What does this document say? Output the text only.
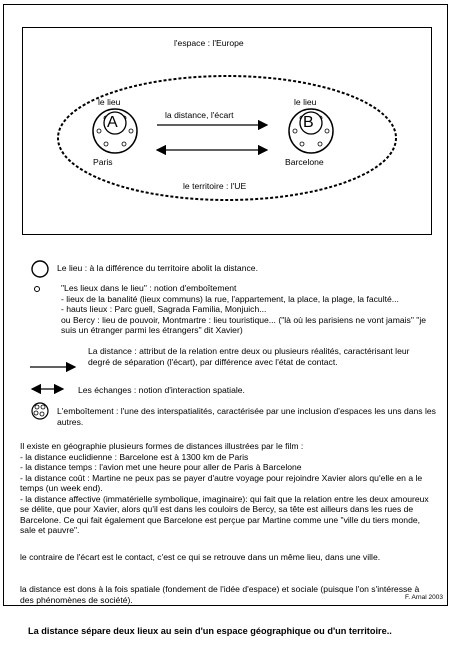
l'espace : l'Europe
le lieu	le lieu
A	B
Paris	Barcelone
la distance, l'écart
le territoire : l'UE
Le lieu : à la différence du territoire abolit la distance.
"Les lieux dans le lieu" : notion d'emboîtement
- lieux de la banalité (lieux communs) la rue, l'appartement, la place, la plage, la faculté...
- hauts lieux : Parc guell, Sagrada Familia, Monjuich...
ou Bercy : lieu de pouvoir, Montmartre : lieu touristique... ("là où les parisiens ne vont jamais" "je suis un étranger parmi les étrangers" dit Xavier)
La distance : attribut de la relation entre deux ou plusieurs réalités, caractérisant leur degré de séparation (l'écart), par différence avec l'état de contact.
Les échanges : notion d'interaction spatiale.
L'emboîtement : l'une des interspatialités, caractérisée par une inclusion d'espaces les uns dans les autres.
Il existe en géographie plusieurs formes de distances illustrées par le film :
- la distance euclidienne : Barcelone est à 1300 km de Paris
- la distance temps : l'avion met une heure pour aller de Paris à Barcelone
- la distance coût : Martine ne peux pas se payer d'autre voyage pour rejoindre Xavier alors qu'elle en a le temps (un week end).
- la distance affective (immatérielle symbolique, imaginaire): qui fait que la relation entre les deux amoureux se délite, que pour Xavier, alors qu'il est dans les couloirs de Bercy, sa tête est ailleurs dans les rues de Barcelone. Ce qui fait également que Barcelone est perçue par Martine comme une "ville du tiers monde, sale et pauvre".
le contraire de l'écart est le contact, c'est ce qui se retrouve dans un même lieu, dans une ville.
la distance est dons à la fois spatiale (fondement de l'idée d'espace) et sociale (puisque l'on s'intéresse à des phénomènes de société).	F. Arnal 2003
La distance sépare deux lieux au sein d'un espace géographique ou d'un territoire..
